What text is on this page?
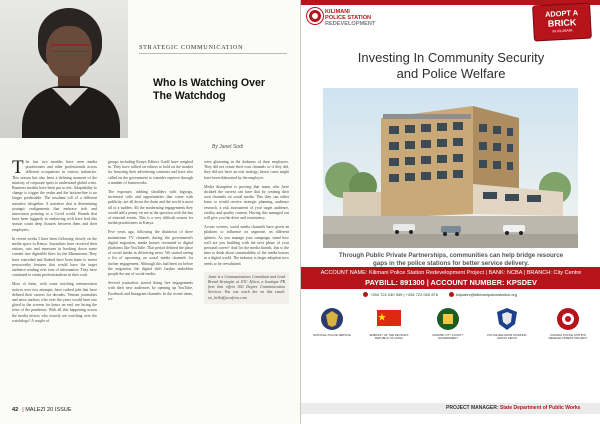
STRATEGIC COMMUNICATION
Who Is Watching Over The Watchdog
By Janet Sodi

The last two months have seen media practitioners and other professionals across different occupations in various industries. This season has also been a defining moment of the ministry of corporate spots to understand global crisis. Business models have been put to test. Adaptability to change is trigger the realm and the bottom-line is no longer predictable. The resultant toll of a different narrative altogether. A narrative that is determining strategic realignments that embrace tech and innovation pointing to a Covid world. Brands that have been laggards in embracing tech have had this season count deep fissures between them and their employees.

In recent weeks I have been following closely on the media space in Kenya. Journalists have received their rations, cuts and measures in booking down some content into digestible bites for the Mainstream. They have conceded and flashed have been haste to invest newsworthy features that would have the target audience reading over tons of information. They have continued to retain professionalism in their craft.

Most of them, with some notching remuneration notices over two attempts, have curbed jobs that have defined their careers for decades. Veteran journalists and news anchors who over the years would have one glued to the screens for hours on end, are facing the reset of the pandemic. With all this happening across the media sectors who exactly are watching over the watchdogs? A couple of

groups including Kenya Editors Guild have weighed in. They have rallied on editors to hold on the market for honoring their advertising contracts and have also called on the government to consider reprieve through a number of frameworks.

The exposure, rubbing shoulders with bigwigs, increased calls and opportunities that come with publicity, are all down the drain and the world is most all of a sudden. All the moderating engagements they would add a penny on are at the question with the bus of external events. This is a very difficult season for media practitioners in Kenya.

Five years ago, following the shutdown of three mainstream TV channels during the government's digital migration, media houses resonated to digital platforms like YouTube. That period defined the place of social media in delivering news. We started seeing a list of upcoming on social media channels for further engagement. Although this had been on before the migration, the digital shift further embolden people the use of social media.

Several journalists started doing live engagements with their new audiences by opening up YouTube, Facebook and Instagram channels. In the recent times, we

were glistening in the darkness of their employers. They did not create their own channels or if they did, they did not have an exit strategy, hence cases might have been elaborated by the employer.

Media disruption is proving that many who have dictated the current can have that by creating their own channels on social media. This they can either lease or would receive strategic planning, audience research, a risk assessment of your target audience, virality and quality content. Having this managed out will give you the drive and consistency.

Across screens, social media channels have given an platform to influence on segments on different spheres. As you manage your campaign, stand how well are you building with the next phase of your personal career? And for the media brands, this is the time to think about sustainability of the media houses in a digital world. The industry is larger adoption now needs to be reevaluated.

Janet is a Communications Consultant and Lead Brand Strategist at JOC Africa, a boutique PR firm that offers 360 Degree Communication Services. You can reach her on this email: on_hello@jocafrica.com

42 | MALEZI 20 ISSUE
KILIMANI
POLICE STATION
REDEVELOPMENT
ADOPT A
BRICK
IN KILIMANI
Investing In Community Security
and Police Welfare
Through Public Private Partnerships, communities can help bridge resource
gaps in the police stations for better service delivery.
ACCOUNT NAME: Kilimani Police Station Redevelopment Project | BANK: NCBA | BRANCH: City Centre
PAYBILL: 891300 | ACCOUNT NUMBER: KPSDEV
+254 722 240 949 | +254 722 000 876	kilpsdev@kilimanipolicestation.org
NATIONAL POLICE SERVICE	EMBASSY OF THE PEOPLE'S REPUBLIC OF CHINA
NAIROBI CITY COUNTY GOVERNMENT
POLICE REFORMS WORKING GROUP KENYA
KILIMANI POLICE STATION REDEVELOPMENT PROJECT
PROJECT MANAGER: State Department of Public Works
